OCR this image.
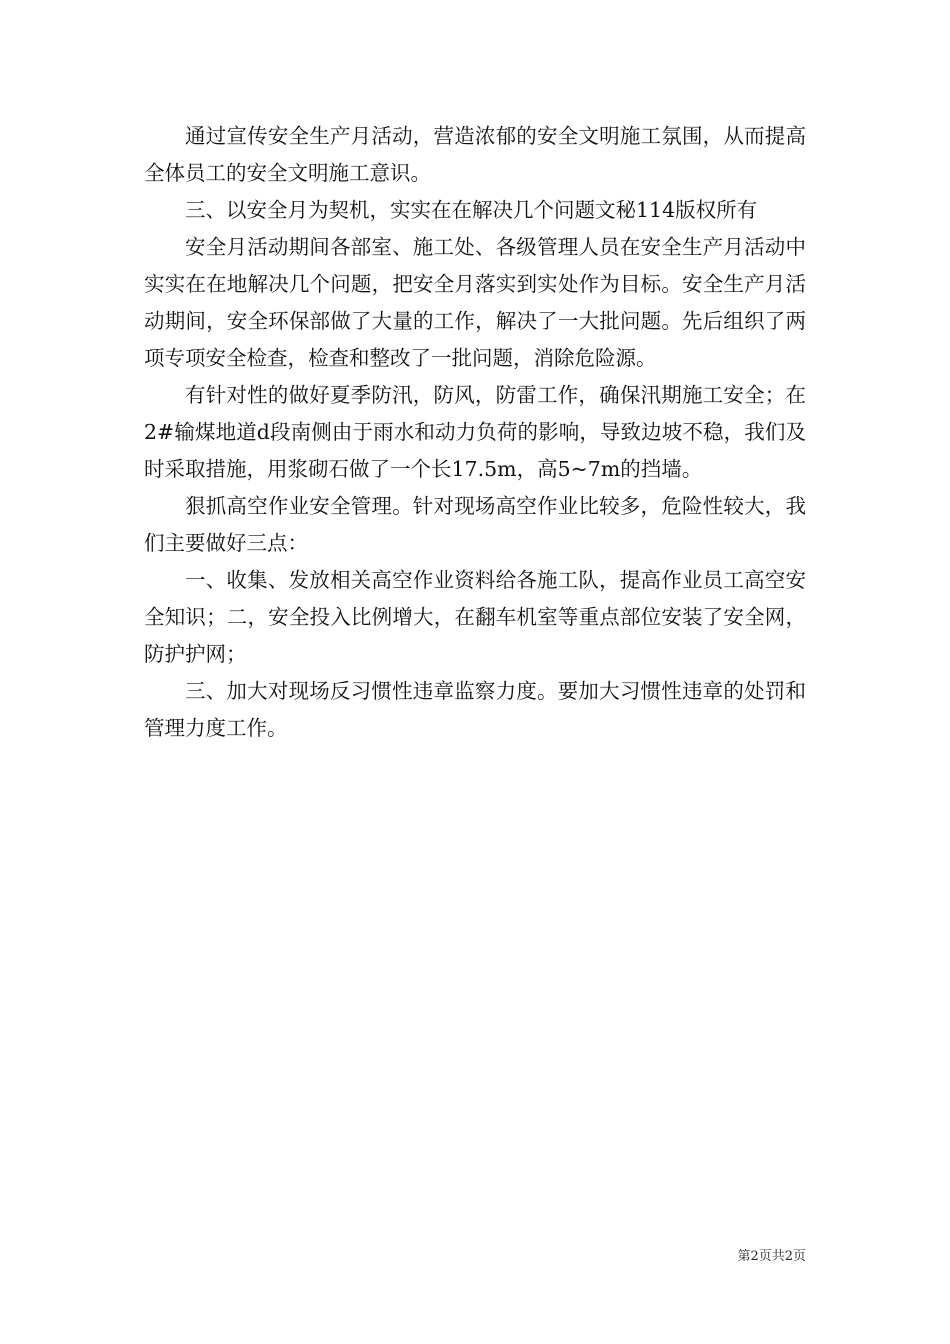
通过宣传安全生产月活动，营造浓郁的安全文明施工氛围，从而提高全体员工的安全文明施工意识。

三、以安全月为契机，实实在在解决几个问题文秘114版权所有

安全月活动期间各部室、施工处、各级管理人员在安全生产月活动中实实在在地解决几个问题，把安全月落实到实处作为目标。安全生产月活动期间，安全环保部做了大量的工作，解决了一大批问题。先后组织了两项专项安全检查，检查和整改了一批问题，消除危险源。

有针对性的做好夏季防汛，防风，防雷工作，确保汛期施工安全；在2#输煤地道d段南侧由于雨水和动力负荷的影响，导致边坡不稳，我们及时采取措施，用浆砌石做了一个长17.5m，高5~7m的挡墙。

狠抓高空作业安全管理。针对现场高空作业比较多，危险性较大，我们主要做好三点：

一、收集、发放相关高空作业资料给各施工队，提高作业员工高空安全知识；二，安全投入比例增大，在翻车机室等重点部位安装了安全网，防护护网；

三、加大对现场反习惯性违章监察力度。要加大习惯性违章的处罚和管理力度工作。

第2页共2页
